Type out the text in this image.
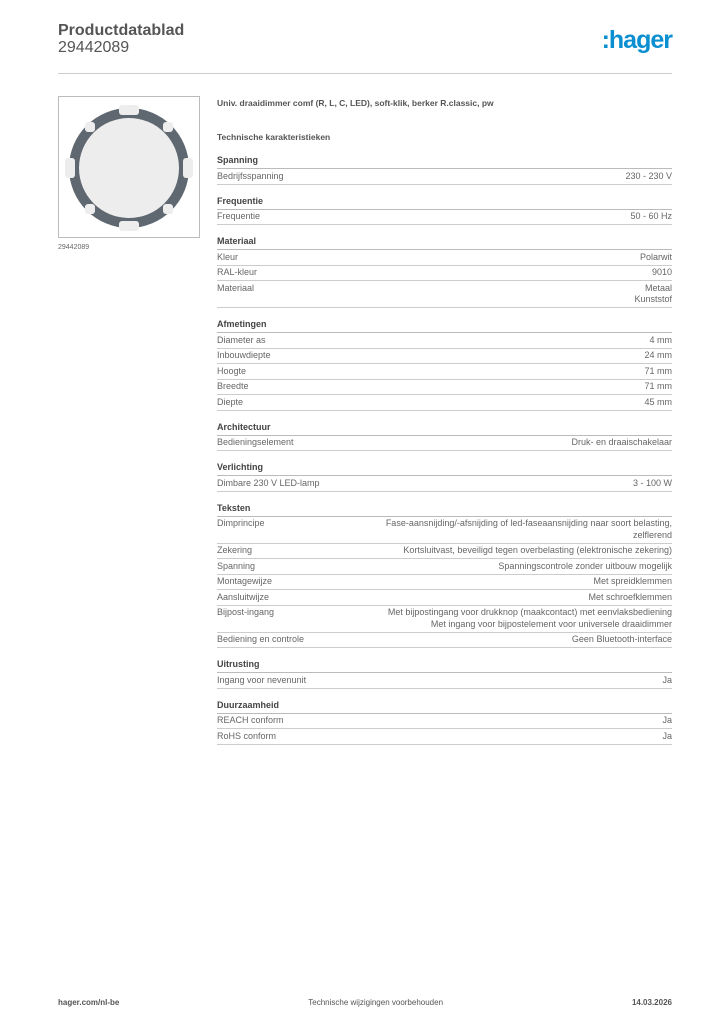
Productdatablad
29442089	:hager
29442089
Univ. draaidimmer comf (R, L, C, LED), soft-klik, berker R.classic, pw
Technische karakteristieken
Spanning
Bedrijfsspanning	230 - 230 V
Frequentie
Frequentie	50 - 60 Hz
Materiaal
Kleur	Polarwit
RAL-kleur	9010
Materiaal	Metaal
Kunststof
Afmetingen
Diameter as	4 mm
Inbouwdiepte	24 mm
Hoogte	71 mm
Breedte	71 mm
Diepte	45 mm
Architectuur
Bedieningselement	Druk- en draaischakelaar
Verlichting
Dimbare 230 V LED-lamp	3 - 100 W
Teksten
Dimprincipe	Fase-aansnijding/-afsnijding of led-faseaansnijding naar soort belasting,
zelflerend
Zekering	Kortsluitvast, beveiligd tegen overbelasting (elektronische zekering)
Spanning	Spanningscontrole zonder uitbouw mogelijk
Montagewijze	Met spreidklemmen
Aansluitwijze	Met schroefklemmen
Bijpost-ingang	Met bijpostingang voor drukknop (maakcontact) met eenvlaksbediening
Met ingang voor bijpostelement voor universele draaidimmer
Bediening en controle	Geen Bluetooth-interface
Uitrusting
Ingang voor nevenunit	Ja
Duurzaamheid
REACH conform	Ja
RoHS conform	Ja
hager.com/nl-be	Technische wijzigingen voorbehouden	14.03.2026
